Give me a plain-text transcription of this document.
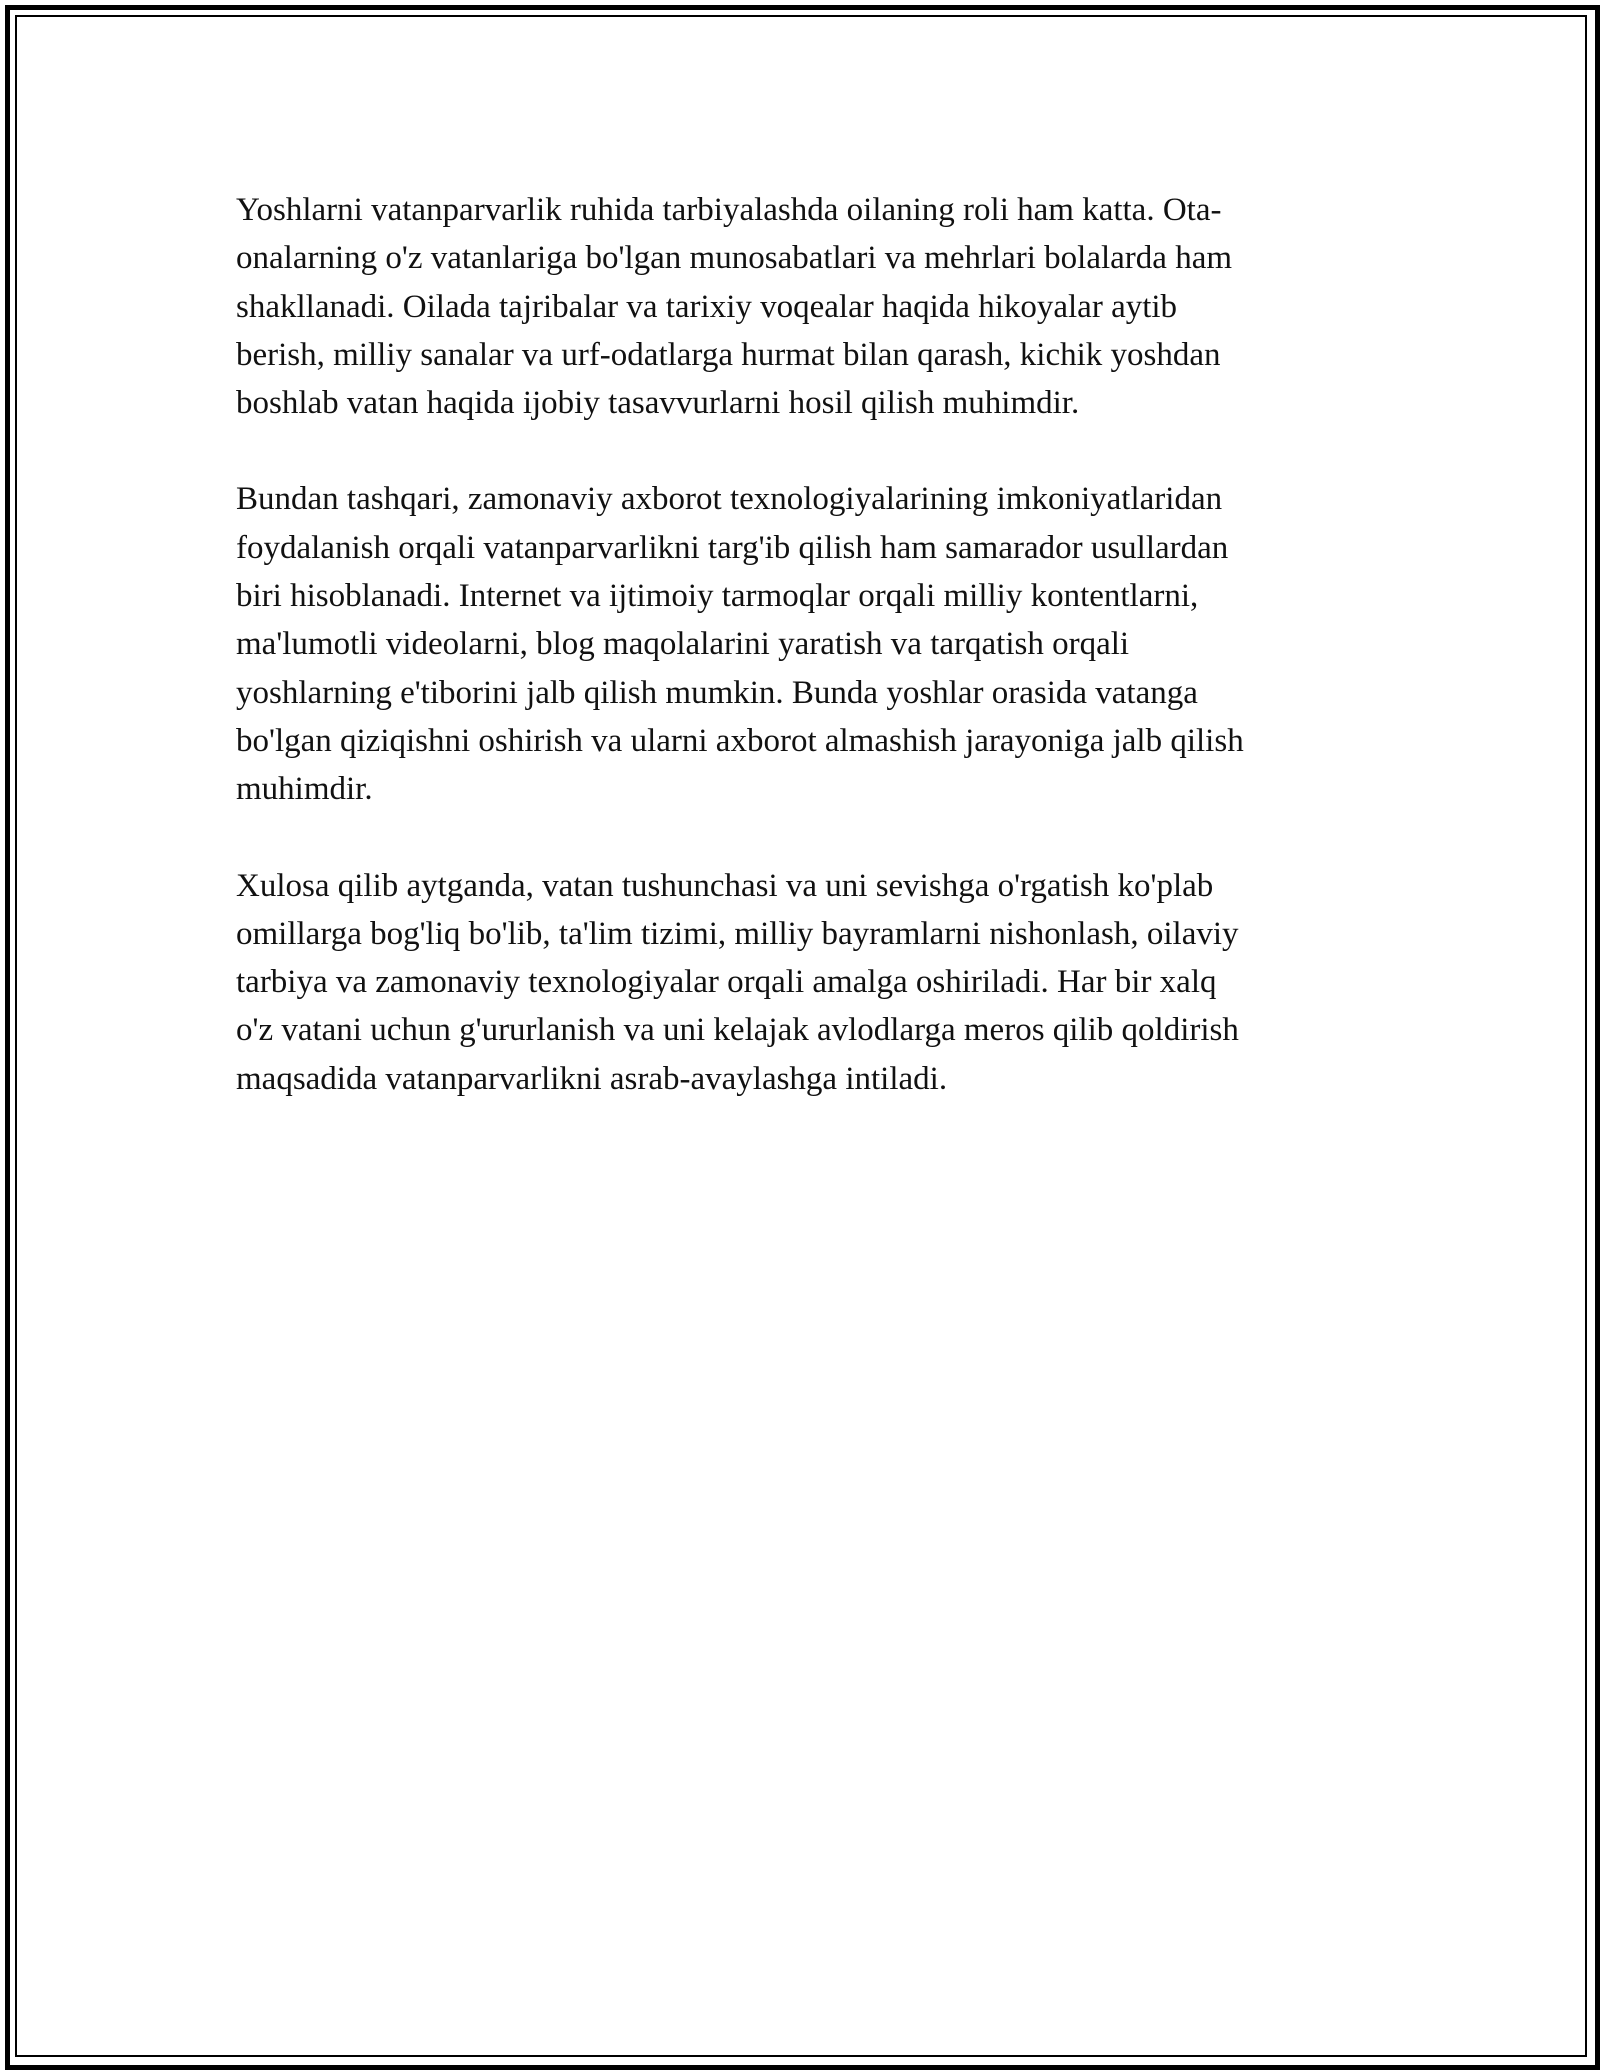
Yoshlarni vatanparvarlik ruhida tarbiyalashda oilaning roli ham katta. Ota-
onalarning o'z vatanlariga bo'lgan munosabatlari va mehrlari bolalarda ham
shakllanadi. Oilada tajribalar va tarixiy voqealar haqida hikoyalar aytib
berish, milliy sanalar va urf-odatlarga hurmat bilan qarash, kichik yoshdan
boshlab vatan haqida ijobiy tasavvurlarni hosil qilish muhimdir.

Bundan tashqari, zamonaviy axborot texnologiyalarining imkoniyatlaridan
foydalanish orqali vatanparvarlikni targ'ib qilish ham samarador usullardan
biri hisoblanadi. Internet va ijtimoiy tarmoqlar orqali milliy kontentlarni,
ma'lumotli videolarni, blog maqolalarini yaratish va tarqatish orqali
yoshlarning e'tiborini jalb qilish mumkin. Bunda yoshlar orasida vatanga
bo'lgan qiziqishni oshirish va ularni axborot almashish jarayoniga jalb qilish
muhimdir.

Xulosa qilib aytganda, vatan tushunchasi va uni sevishga o'rgatish ko'plab
omillarga bog'liq bo'lib, ta'lim tizimi, milliy bayramlarni nishonlash, oilaviy
tarbiya va zamonaviy texnologiyalar orqali amalga oshiriladi. Har bir xalq
o'z vatani uchun g'ururlanish va uni kelajak avlodlarga meros qilib qoldirish
maqsadida vatanparvarlikni asrab-avaylashga intiladi.
